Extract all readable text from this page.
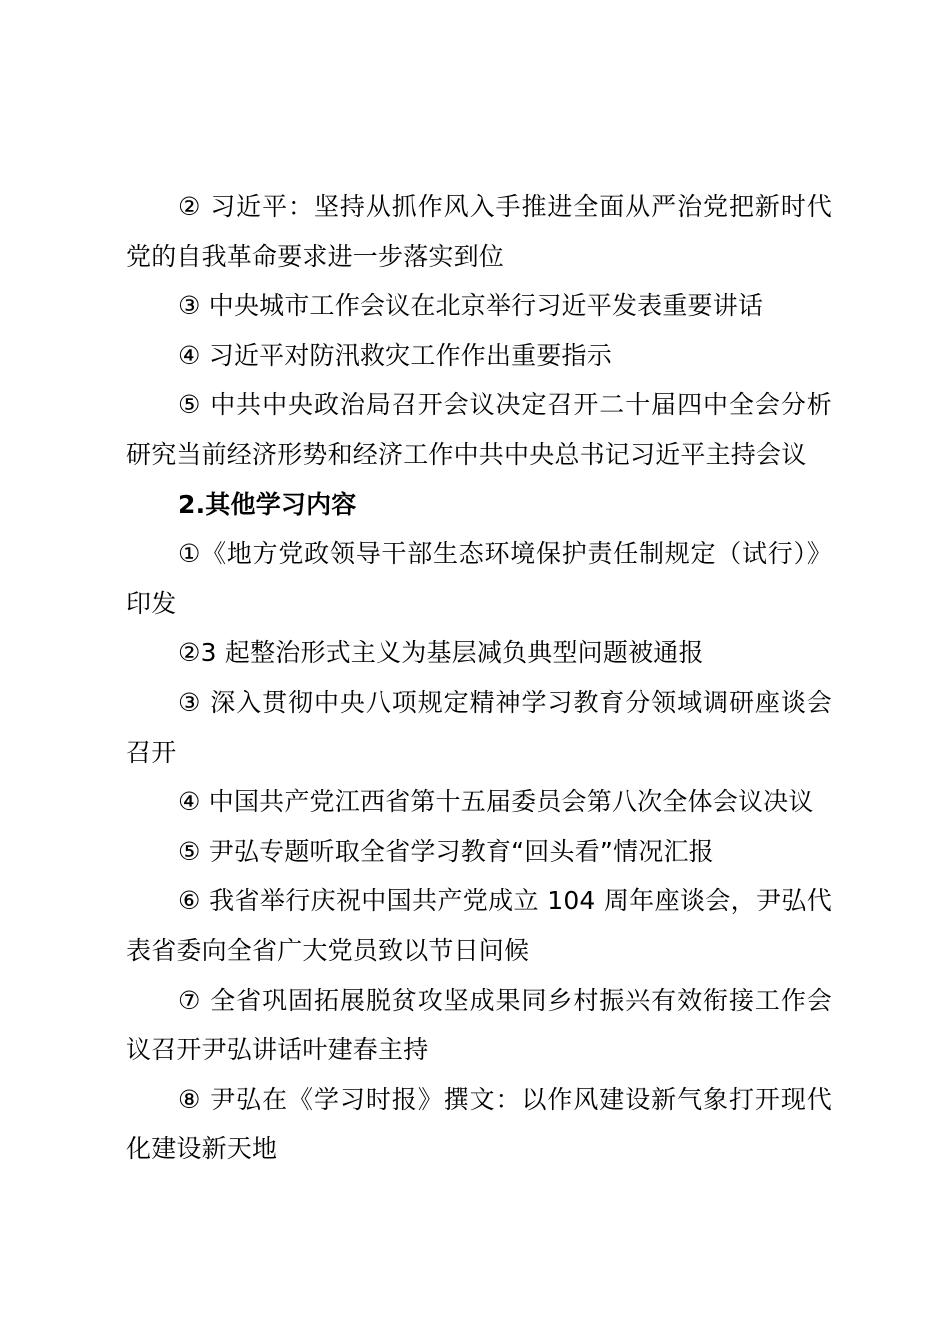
② 习近平：坚持从抓作风入手推进全面从严治党把新时代党的自我革命要求进一步落实到位

③ 中央城市工作会议在北京举行习近平发表重要讲话

④ 习近平对防汛救灾工作作出重要指示

⑤ 中共中央政治局召开会议决定召开二十届四中全会分析研究当前经济形势和经济工作中共中央总书记习近平主持会议

2.其他学习内容

①《地方党政领导干部生态环境保护责任制规定（试行）》印发

②3 起整治形式主义为基层减负典型问题被通报

③ 深入贯彻中央八项规定精神学习教育分领域调研座谈会召开

④ 中国共产党江西省第十五届委员会第八次全体会议决议

⑤ 尹弘专题听取全省学习教育“回头看”情况汇报

⑥ 我省举行庆祝中国共产党成立 104 周年座谈会，尹弘代表省委向全省广大党员致以节日问候

⑦ 全省巩固拓展脱贫攻坚成果同乡村振兴有效衔接工作会议召开尹弘讲话叶建春主持

⑧ 尹弘在《学习时报》撰文：以作风建设新气象打开现代化建设新天地
